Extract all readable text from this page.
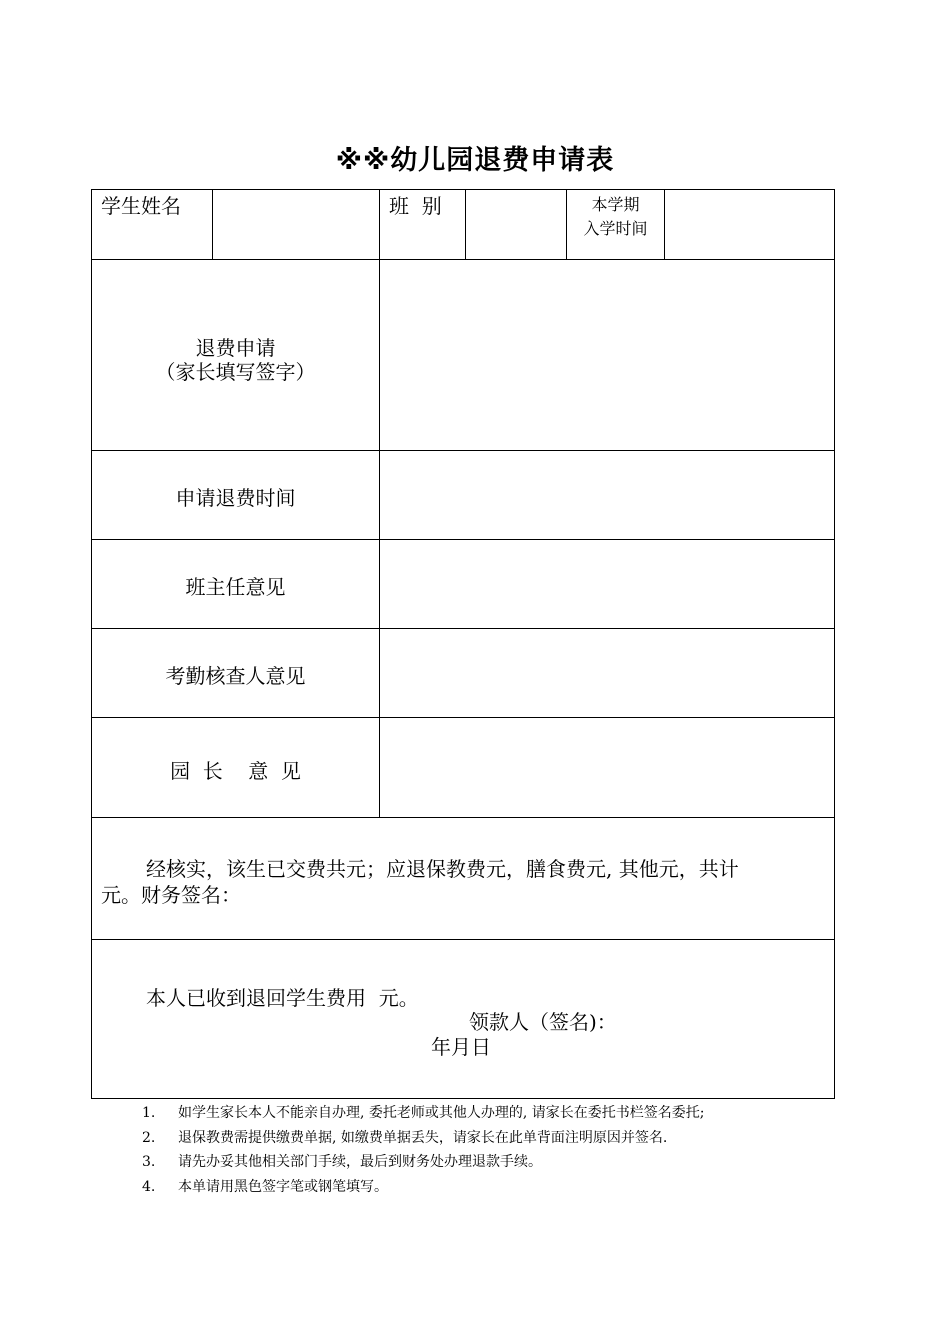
※※幼儿园退费申请表
学生姓名	班  别	本学期
入学时间
退费申请
（家长填写签字）
申请退费时间
班主任意见
考勤核查人意见
园  长    意  见
经核实，该生已交费共元；应退保教费元，膳食费元, 其他元，共计
元。财务签名：
本人已收到退回学生费用  元。
领款人（签名)：
年月日
1. 如学生家长本人不能亲自办理, 委托老师或其他人办理的, 请家长在委托书栏签名委托;
2. 退保教费需提供缴费单据, 如缴费单据丢失，请家长在此单背面注明原因并签名.
3. 请先办妥其他相关部门手续，最后到财务处办理退款手续。
4. 本单请用黑色签字笔或钢笔填写。
